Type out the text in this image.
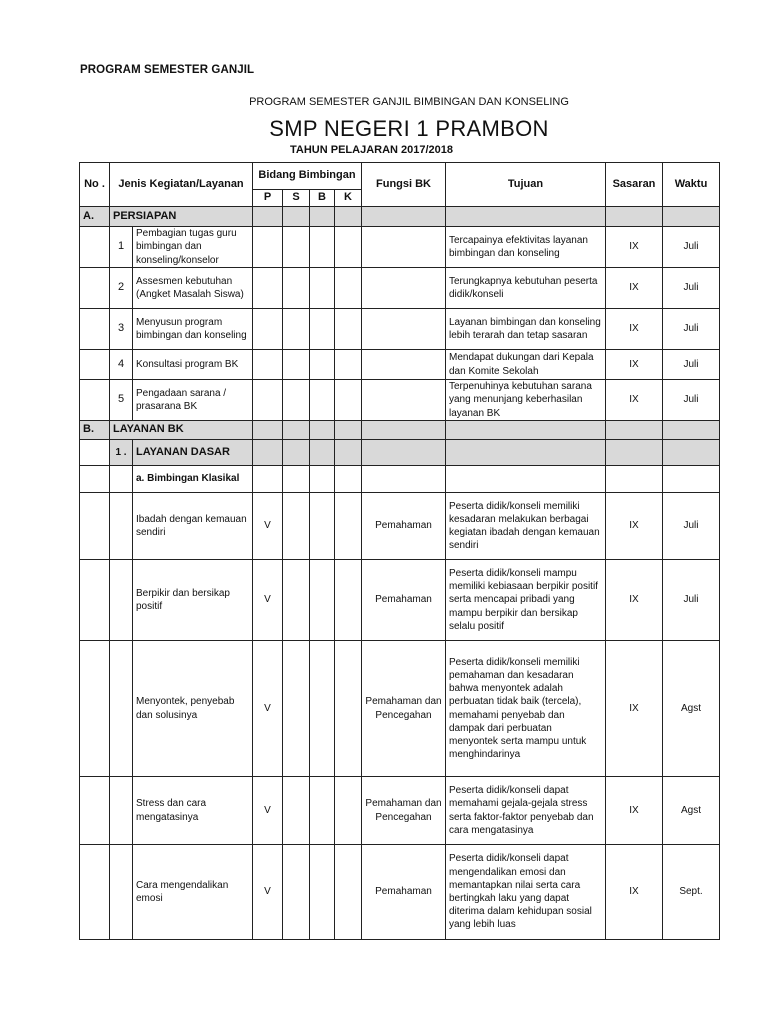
PROGRAM SEMESTER GANJIL
PROGRAM SEMESTER GANJIL BIMBINGAN DAN KONSELING
SMP NEGERI 1 PRAMBON
TAHUN PELAJARAN 2017/2018
No .	Jenis Kegiatan/Layanan		Bidang Bimbingan				Fungsi BK	Tujuan	Sasaran	Waktu
			P	S	B	K				
A.	PERSIAPAN									
	1	Pembagian tugas guru bimbingan dan konseling/konselor						Tercapainya efektivitas layanan bimbingan dan konseling	IX	Juli
	2	Assesmen kebutuhan (Angket Masalah Siswa)						Terungkapnya kebutuhan peserta didik/konseli	IX	Juli
	3	Menyusun program bimbingan dan konseling						Layanan bimbingan dan konseling lebih terarah dan tetap sasaran	IX	Juli
	4	Konsultasi program BK						Mendapat dukungan dari Kepala dan Komite Sekolah	IX	Juli
	5	Pengadaan sarana / prasarana BK						Terpenuhinya kebutuhan sarana yang menunjang keberhasilan layanan BK	IX	Juli
B.	LAYANAN BK									
	1 .	LAYANAN DASAR								
		a. Bimbingan Klasikal								
		Ibadah dengan kemauan sendiri	V				Pemahaman	Peserta didik/konseli memiliki kesadaran melakukan berbagai kegiatan ibadah dengan kemauan sendiri	IX	Juli
		Berpikir dan bersikap positif	V				Pemahaman	Peserta didik/konseli mampu memiliki kebiasaan berpikir positif serta mencapai pribadi yang mampu berpikir dan bersikap selalu positif	IX	Juli
		Menyontek, penyebab dan solusinya	V				Pemahaman dan Pencegahan	Peserta didik/konseli memiliki pemahaman dan kesadaran bahwa menyontek adalah perbuatan tidak baik (tercela), memahami penyebab dan dampak dari perbuatan menyontek serta mampu untuk menghindarinya	IX	Agst
		Stress dan cara mengatasinya	V				Pemahaman dan Pencegahan	Peserta didik/konseli dapat memahami gejala-gejala stress serta faktor-faktor penyebab dan cara mengatasinya	IX	Agst
		Cara mengendalikan emosi	V				Pemahaman	Peserta didik/konseli dapat mengendalikan emosi dan memantapkan nilai serta cara bertingkah laku yang dapat diterima dalam kehidupan sosial yang lebih luas	IX	Sept.
